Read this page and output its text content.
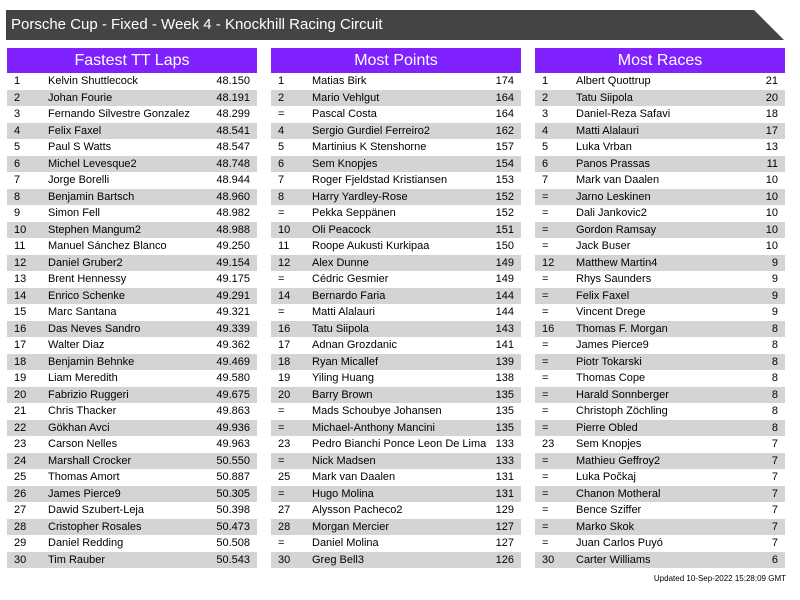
Porsche Cup - Fixed - Week 4 - Knockhill Racing Circuit
Fastest TT Laps
1	Kelvin Shuttlecock	48.150
2	Johan Fourie	48.191
3	Fernando Silvestre Gonzalez 48.299
4	Felix Faxel	48.541
5	Paul S Watts	48.547
6	Michel Levesque2	48.748
7	Jorge Borelli	48.944
8	Benjamin Bartsch	48.960
9	Simon Fell	48.982
10 Stephen Mangum2	48.988
11 Manuel Sánchez Blanco	49.250
12 Daniel Gruber2	49.154
13 Brent Hennessy	49.175
14 Enrico Schenke	49.291
15 Marc Santana	49.321
16 Das Neves Sandro	49.339
17 Walter Diaz	49.362
18 Benjamin Behnke	49.469
19 Liam Meredith	49.580
20 Fabrizio Ruggeri	49.675
21 Chris Thacker	49.863
22 Gökhan Avci	49.936
23 Carson Nelles	49.963
24 Marshall Crocker	50.550
25 Thomas Amort	50.887
26 James Pierce9	50.305
27 Dawid Szubert-Leja	50.398
28 Cristopher Rosales	50.473
29 Daniel Redding	50.508
30 Tim Rauber	50.543
Most Points
1	Matias Birk	174
2	Mario Vehlgut	164
=	Pascal Costa	164
4	Sergio Gurdiel Ferreiro2	162
5	Martinius K Stenshorne	157
6	Sem Knopjes	154
7	Roger Fjeldstad Kristiansen	153
8	Harry Yardley-Rose	152
=	Pekka Seppänen	152
10 Oli Peacock	151
11 Roope Aukusti Kurkipaa	150
12 Alex Dunne	149
=	Cédric Gesmier	149
14 Bernardo Faria	144
=	Matti Alalauri	144
16 Tatu Siipola	143
17 Adnan Grozdanic	141
18 Ryan Micallef	139
19 Yiling Huang	138
20 Barry Brown	135
=	Mads Schoubye Johansen	135
=	Michael-Anthony Mancini	135
23 Pedro Bianchi Ponce Leon De Lima 133
=	Nick Madsen	133
25 Mark van Daalen	131
=	Hugo Molina	131
27 Alysson Pacheco2	129
28 Morgan Mercier	127
=	Daniel Molina	127
30 Greg Bell3	126
Most Races
1	Albert Quottrup	21
2	Tatu Siipola	20
3	Daniel-Reza Safavi	18
4	Matti Alalauri	17
5	Luka Vrban	13
6	Panos Prassas	11
7	Mark van Daalen	10
=	Jarno Leskinen	10
=	Dali Jankovic2	10
=	Gordon Ramsay	10
=	Jack Buser	10
12 Matthew Martin4	9
=	Rhys Saunders	9
=	Felix Faxel	9
=	Vincent Drege	9
16 Thomas F. Morgan	8
=	James Pierce9	8
=	Piotr Tokarski	8
=	Thomas Cope	8
=	Harald Sonnberger	8
=	Christoph Zöchling	8
=	Pierre Obled	8
23 Sem Knopjes	7
=	Mathieu Geffroy2	7
=	Luka Počkaj	7
=	Chanon Motheral	7
=	Bence Sziffer	7
=	Marko Skok	7
=	Juan Carlos Puyó	7
30 Carter Williams	6
Updated 10-Sep-2022 15:28:09 GMT
